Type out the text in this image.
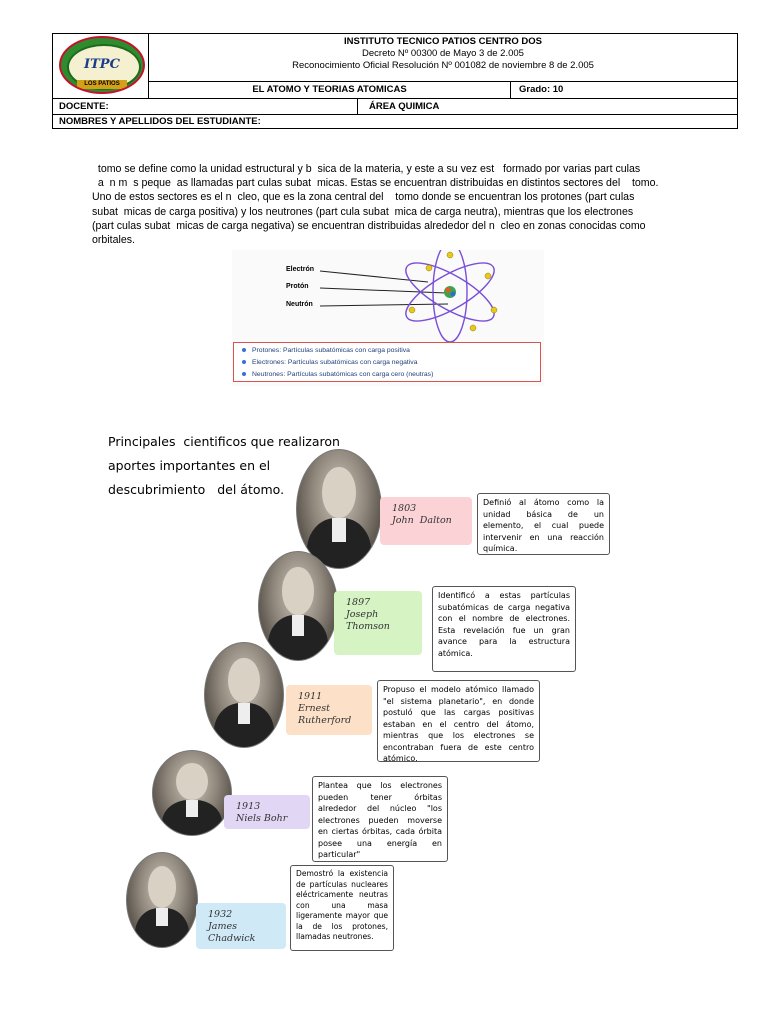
ITPC
LOS PATIOS
INSTITUTO TECNICO PATIOS CENTRO DOS
Decreto Nº 00300 de Mayo 3 de 2.005
Reconocimiento Oficial Resolución Nº 001082 de noviembre 8 de 2.005
EL ATOMO Y TEORIAS ATOMICAS	Grado: 10
DOCENTE:	ÁREA QUIMICA
NOMBRES Y APELLIDOS DEL ESTUDIANTE:
tomo se define como la unidad estructural y b  sica de la materia, y este a su vez est   formado por varias part culas
a  n m  s peque  as llamadas part culas subat  micas. Estas se encuentran distribuidas en distintos sectores del    tomo.
Uno de estos sectores es el n  cleo, que es la zona central del    tomo donde se encuentran los protones (part culas
subat  micas de carga positiva) y los neutrones (part cula subat  mica de carga neutra), mientras que los electrones
(part culas subat  micas de carga negativa) se encuentran distribuidas alrededor del n  cleo en zonas conocidas como
orbitales.
Electrón
Protón
Neutrón
Protones: Partículas subatómicas con carga positiva
Electrones: Partículas subatómicas con carga negativa
Neutrones: Partículas subatómicas con carga cero (neutras)
Principales  cientificos que realizaron
aportes importantes en el
descubrimiento   del átomo.
1803
John  Dalton
Definió al átomo como la unidad básica de un elemento, el cual puede intervenir en una reacción química.
1897
Joseph Thomson
Identificó a estas partículas subatómicas de carga negativa con el nombre de electrones. Esta revelación fue un gran avance para la estructura atómica.
1911
Ernest Rutherford
Propuso el modelo atómico llamado "el sistema planetario", en donde postuló que las cargas positivas estaban en el centro del átomo, mientras que los electrones se encontraban fuera de este centro atómico.
1913
Niels Bohr
Plantea que los electrones pueden tener órbitas alrededor del núcleo "los electrones pueden moverse en ciertas órbitas, cada órbita posee una energía en particular"
1932
James Chadwick
Demostró la existencia de partículas nucleares eléctricamente neutras con una masa ligeramente mayor que la de los protones, llamadas neutrones.
